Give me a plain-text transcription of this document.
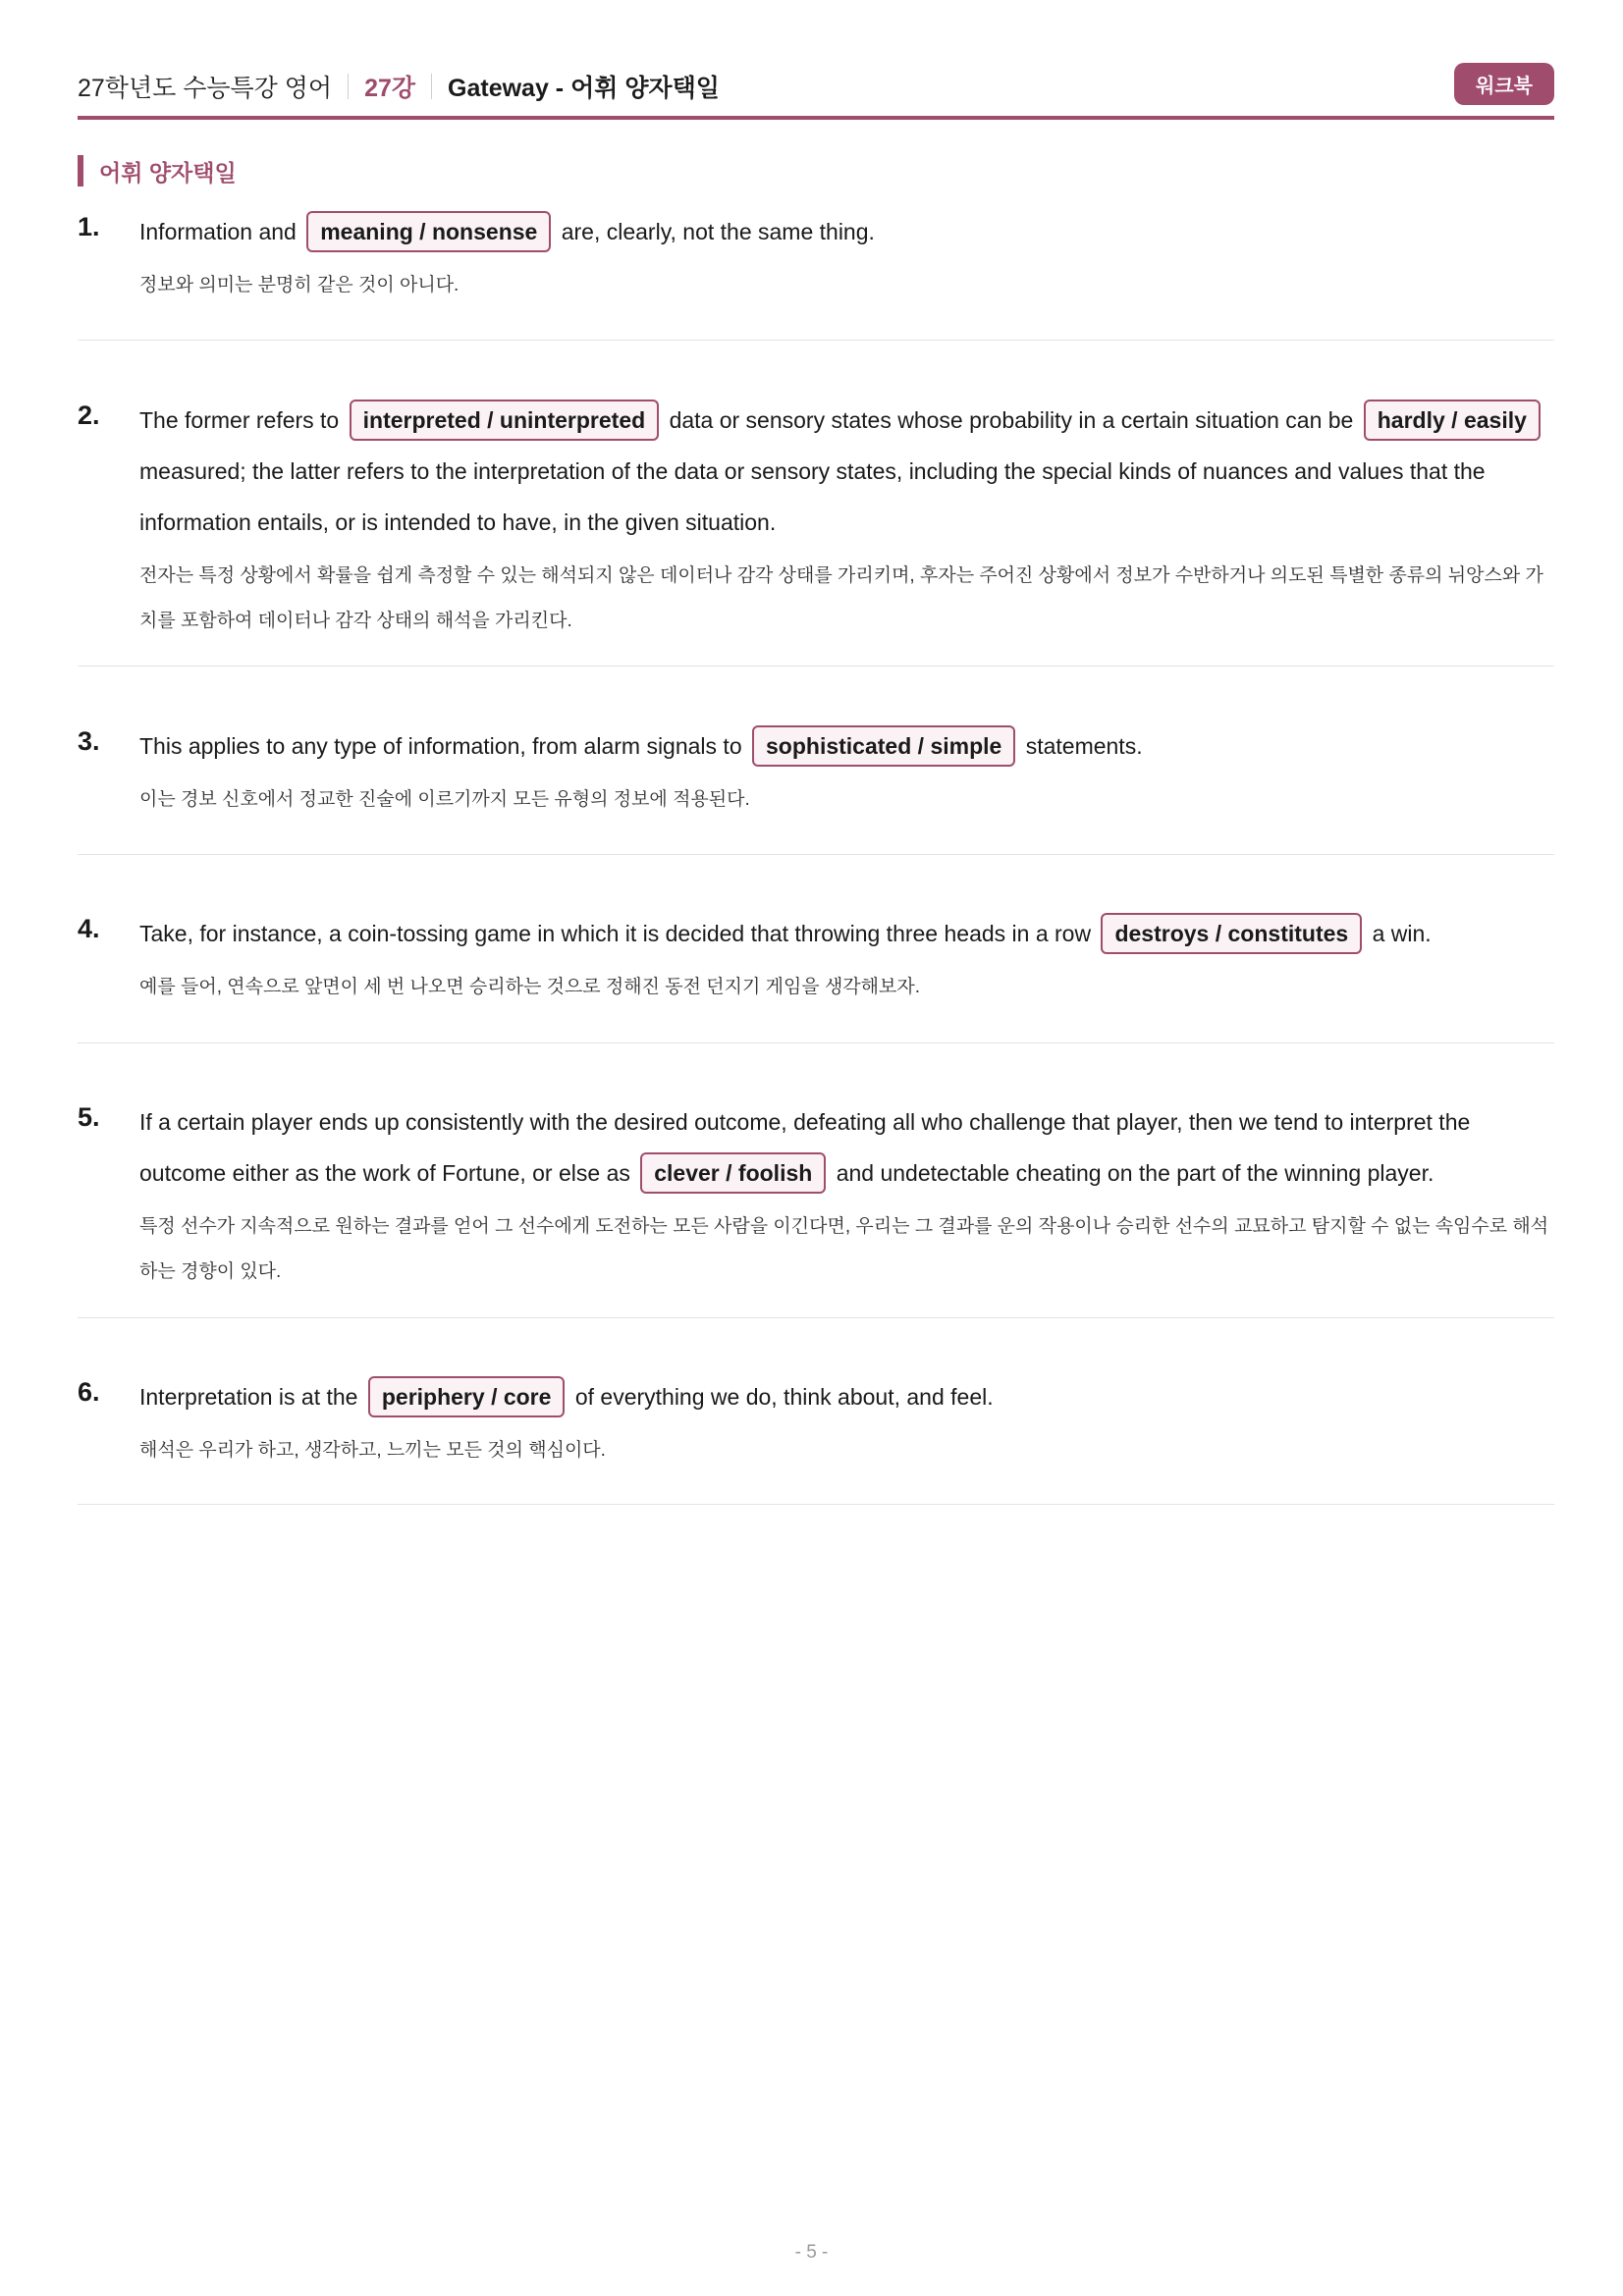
27학년도 수능특강 영어 27강 Gateway - 어휘 양자택일	워크북
어휘 양자택일
1. Information and meaning / nonsense are, clearly, not the same thing.
정보와 의미는 분명히 같은 것이 아니다.
2. The former refers to interpreted / uninterpreted data or sensory states whose probability in a certain situation can be hardly / easily measured; the latter refers to the interpretation of the data or sensory states, including the special kinds of nuances and values that the information entails, or is intended to have, in the given situation.
전자는 특정 상황에서 확률을 쉽게 측정할 수 있는 해석되지 않은 데이터나 감각 상태를 가리키며, 후자는 주어진 상황에서 정보가 수반하거나 의도된 특별한 종류의 뉘앙스와 가치를 포함하여 데이터나 감각 상태의 해석을 가리킨다.
3. This applies to any type of information, from alarm signals to sophisticated / simple statements.
이는 경보 신호에서 정교한 진술에 이르기까지 모든 유형의 정보에 적용된다.
4. Take, for instance, a coin-tossing game in which it is decided that throwing three heads in a row destroys / constitutes a win.
예를 들어, 연속으로 앞면이 세 번 나오면 승리하는 것으로 정해진 동전 던지기 게임을 생각해보자.
5. If a certain player ends up consistently with the desired outcome, defeating all who challenge that player, then we tend to interpret the outcome either as the work of Fortune, or else as clever / foolish and undetectable cheating on the part of the winning player.
특정 선수가 지속적으로 원하는 결과를 얻어 그 선수에게 도전하는 모든 사람을 이긴다면, 우리는 그 결과를 운의 작용이나 승리한 선수의 교묘하고 탐지할 수 없는 속임수로 해석하는 경향이 있다.
6. Interpretation is at the periphery / core of everything we do, think about, and feel.
해석은 우리가 하고, 생각하고, 느끼는 모든 것의 핵심이다.
- 5 -
